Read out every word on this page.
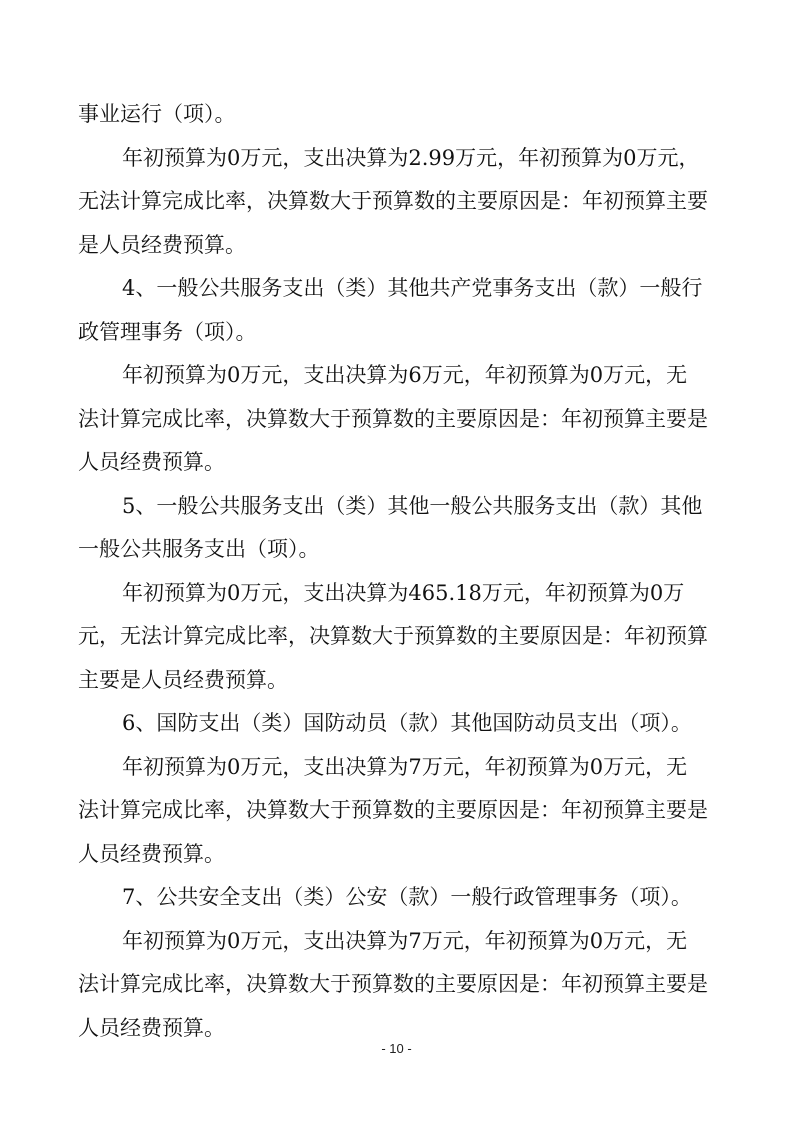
- 10 -
事业运行（项）。
年初预算为0万元，支出决算为2.99万元，年初预算为0万元，
无法计算完成比率，决算数大于预算数的主要原因是：年初预算主要
是人员经费预算。
4、一般公共服务支出（类）其他共产党事务支出（款）一般行
政管理事务（项）。
年初预算为0万元，支出决算为6万元，年初预算为0万元，无
法计算完成比率，决算数大于预算数的主要原因是：年初预算主要是
人员经费预算。
5、一般公共服务支出（类）其他一般公共服务支出（款）其他
一般公共服务支出（项）。
年初预算为0万元，支出决算为465.18万元，年初预算为0万
元，无法计算完成比率，决算数大于预算数的主要原因是：年初预算
主要是人员经费预算。
6、国防支出（类）国防动员（款）其他国防动员支出（项）。
年初预算为0万元，支出决算为7万元，年初预算为0万元，无
法计算完成比率，决算数大于预算数的主要原因是：年初预算主要是
人员经费预算。
7、公共安全支出（类）公安（款）一般行政管理事务（项）。
年初预算为0万元，支出决算为7万元，年初预算为0万元，无
法计算完成比率，决算数大于预算数的主要原因是：年初预算主要是
人员经费预算。
